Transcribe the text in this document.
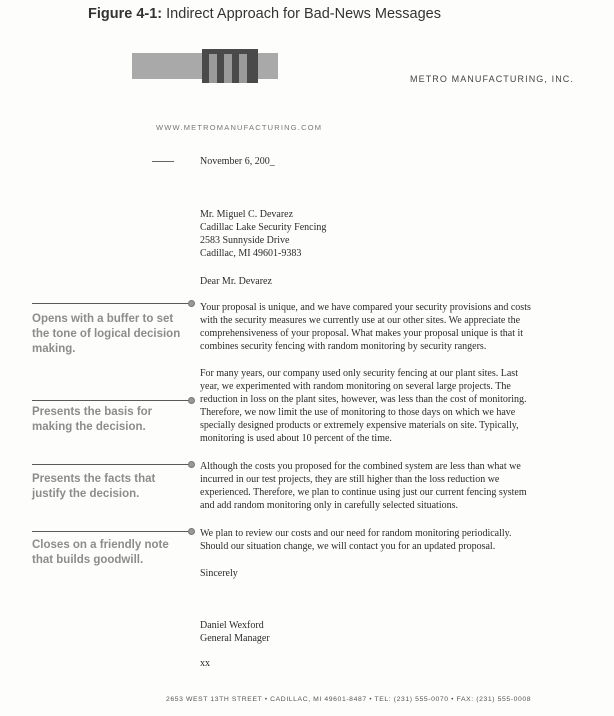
Figure 4-1: Indirect Approach for Bad-News Messages
METRO MANUFACTURING, INC.
WWW.METROMANUFACTURING.COM
November 6, 200_
Mr. Miguel C. Devarez
Cadillac Lake Security Fencing
2583 Sunnyside Drive
Cadillac, MI 49601-9383
Dear Mr. Devarez
Your proposal is unique, and we have compared your security provisions and costs
with the security measures we currently use at our other sites. We appreciate the
comprehensiveness of your proposal. What makes your proposal unique is that it
combines security fencing with random monitoring by security rangers.
For many years, our company used only security fencing at our plant sites. Last
year, we experimented with random monitoring on several large projects. The
reduction in loss on the plant sites, however, was less than the cost of monitoring.
Therefore, we now limit the use of monitoring to those days on which we have
specially designed products or extremely expensive materials on site. Typically,
monitoring is used about 10 percent of the time.
Although the costs you proposed for the combined system are less than what we
incurred in our test projects, they are still higher than the loss reduction we
experienced. Therefore, we plan to continue using just our current fencing system
and add random monitoring only in carefully selected situations.
We plan to review our costs and our need for random monitoring periodically.
Should our situation change, we will contact you for an updated proposal.
Sincerely
Daniel Wexford
General Manager
xx
Opens with a buffer to set
the tone of logical decision
making.
Presents the basis for
making the decision.
Presents the facts that
justify the decision.
Closes on a friendly note
that builds goodwill.
2653 WEST 13TH STREET • CADILLAC, MI 49601-8487 • TEL: (231) 555-0070 • FAX: (231) 555-0008
